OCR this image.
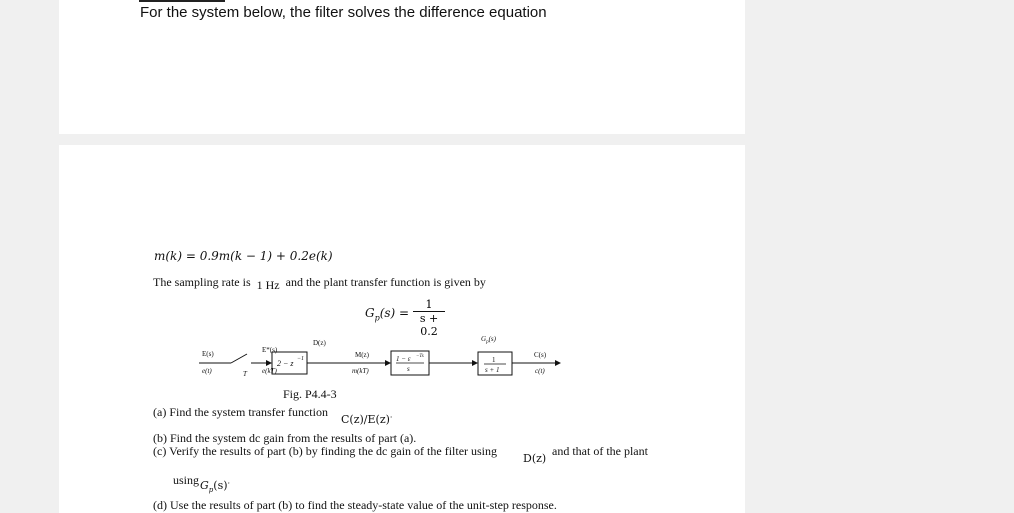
For the system below, the filter solves the difference equation
m(k) = 0.9m(k − 1) + 0.2e(k)
The sampling rate is 1 Hz and the plant transfer function is given by
$G_p(s) = \frac{1}{s + 0.2}$
E(s)
e(t)	T
E*(s)
e(kT)
D(z)
2 − z −1	M(z)
m(kT)
1 − ε −Ts
s
$G_p(s)$
1
s + 1
C(s)
c(t)
Fig. P4.4-3
(a) Find the system transfer function
C(z)/E(z)·
(b) Find the system dc gain from the results of part (a).
(c) Verify the results of part (b) by finding the dc gain of the filter using
D(z)
and that of the plant
using $G_p(s)^\cdot$
(d) Use the results of part (b) to find the steady-state value of the unit-step response.
